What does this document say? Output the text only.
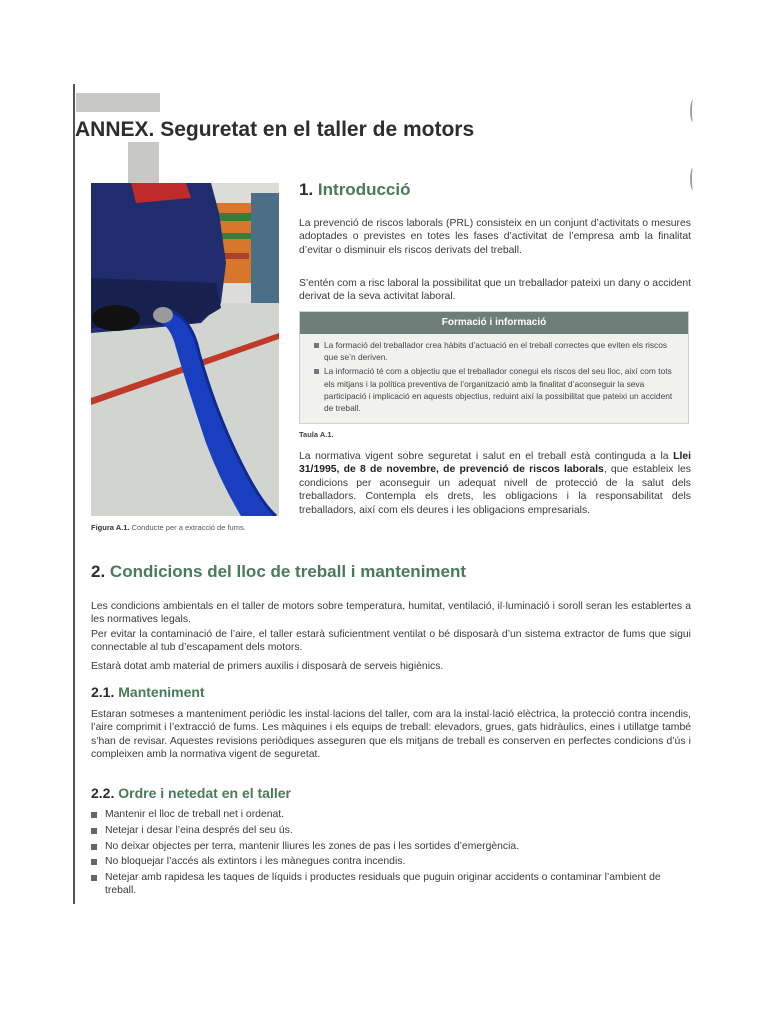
ANNEX. Seguretat en el taller de motors
Figura A.1. Conducte per a extracció de fums.
1. Introducció

La prevenció de riscos laborals (PRL) consisteix en un conjunt d’activitats o mesures adoptades o previstes en totes les fases d’activitat de l’empresa amb la finalitat d’evitar o disminuir els riscos derivats del treball.

S’entén com a risc laboral la possibilitat que un treballador pateixi un dany o accident derivat de la seva activitat laboral.

Formació i informació
La formació del treballador crea hàbits d’actuació en el treball correctes que eviten els riscos que se’n deriven.
La informació té com a objectiu que el treballador conegui els riscos del seu lloc, així com tots els mitjans i la política preventiva de l’organització amb la finalitat d’aconseguir la seva participació i implicació en aquests objectius, reduint així la possibilitat que pateixi un accident de treball.
Taula A.1.

La normativa vigent sobre seguretat i salut en el treball està continguda a la Llei 31/1995, de 8 de novembre, de prevenció de riscos laborals, que estableix les condicions per aconseguir un adequat nivell de protecció de la salut dels treballadors. Contempla els drets, les obligacions i la responsabilitat dels treballadors, així com els deures i les obligacions empresarials.

2. Condicions del lloc de treball i manteniment

Les condicions ambientals en el taller de motors sobre temperatura, humitat, ventilació, il·luminació i soroll seran les establertes a les normatives legals.

Per evitar la contaminació de l’aire, el taller estarà suficientment ventilat o bé disposarà d’un sistema extractor de fums que sigui connectable al tub d’escapament dels motors.

Estarà dotat amb material de primers auxilis i disposarà de serveis higiènics.

2.1. Manteniment

Estaran sotmeses a manteniment periòdic les instal·lacions del taller, com ara la instal·lació elèctrica, la protecció contra incendis, l’aire comprimit i l’extracció de fums. Les màquines i els equips de treball: elevadors, grues, gats hidràulics, eines i utillatge també s’han de revisar. Aquestes revisions periòdiques asseguren que els mitjans de treball es conserven en perfectes condicions d’ús i compleixen amb la normativa vigent de seguretat.

2.2. Ordre i netedat en el taller
Mantenir el lloc de treball net i ordenat.
Netejar i desar l’eina després del seu ús.
No deixar objectes per terra, mantenir lliures les zones de pas i les sortides d’emergència.
No bloquejar l’accés als extintors i les mànegues contra incendis.
Netejar amb rapidesa les taques de líquids i productes residuals que puguin originar accidents o contaminar l’ambient de treball.
